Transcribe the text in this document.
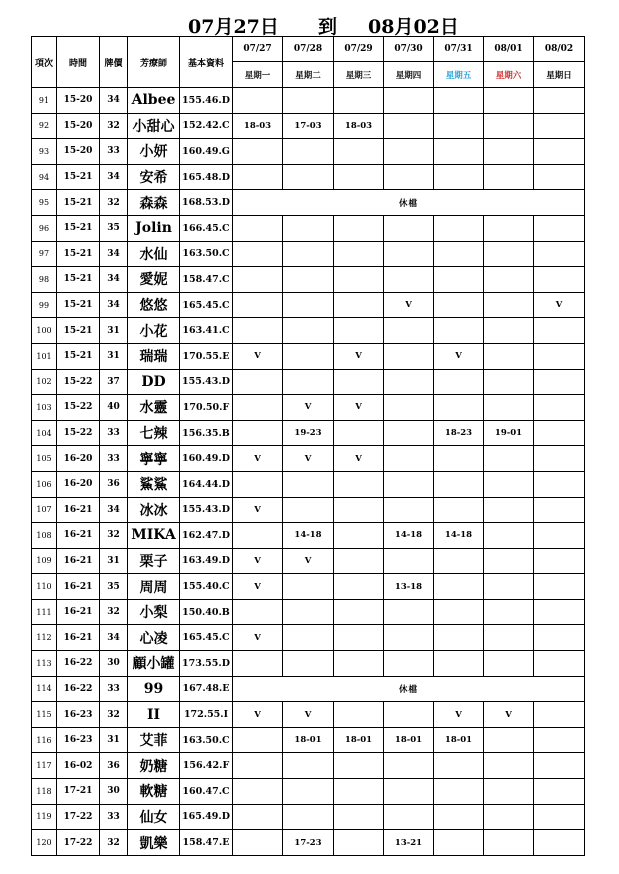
07月27日 到 08月02日
項次	時間	牌價	芳療師	基本資料	07/27	07/28	07/29	07/30	07/31	08/01	08/02
					星期一	星期二	星期三	星期四	星期五	星期六	星期日
91	15-20	34	Albee	155.46.D							
92	15-20	32	小甜心	152.42.C	18-03	17-03	18-03				
93	15-20	33	小妍	160.49.G							
94	15-21	34	安希	165.48.D							
95	15-21	32	森森	168.53.D	休檔						
96	15-21	35	Jolin	166.45.C							
97	15-21	34	水仙	163.50.C							
98	15-21	34	愛妮	158.47.C							
99	15-21	34	悠悠	165.45.C				V			V
100	15-21	31	小花	163.41.C							
101	15-21	31	瑞瑞	170.55.E	V		V		V		
102	15-22	37	DD	155.43.D							
103	15-22	40	水靈	170.50.F		V	V				
104	15-22	33	七辣	156.35.B		19-23			18-23	19-01	
105	16-20	33	寧寧	160.49.D	V	V	V				
106	16-20	36	鯊鯊	164.44.D							
107	16-21	34	冰冰	155.43.D	V						
108	16-21	32	MIKA	162.47.D		14-18		14-18	14-18		
109	16-21	31	栗子	163.49.D	V	V					
110	16-21	35	周周	155.40.C	V			13-18			
111	16-21	32	小梨	150.40.B							
112	16-21	34	心凌	165.45.C	V						
113	16-22	30	顧小罐	173.55.D							
114	16-22	33	99	167.48.E	休檔						
115	16-23	32	II	172.55.I	V	V			V	V	
116	16-23	31	艾菲	163.50.C		18-01	18-01	18-01	18-01		
117	16-02	36	奶糖	156.42.F							
118	17-21	30	軟糖	160.47.C							
119	17-22	33	仙女	165.49.D							
120	17-22	32	凱樂	158.47.E		17-23		13-21			
